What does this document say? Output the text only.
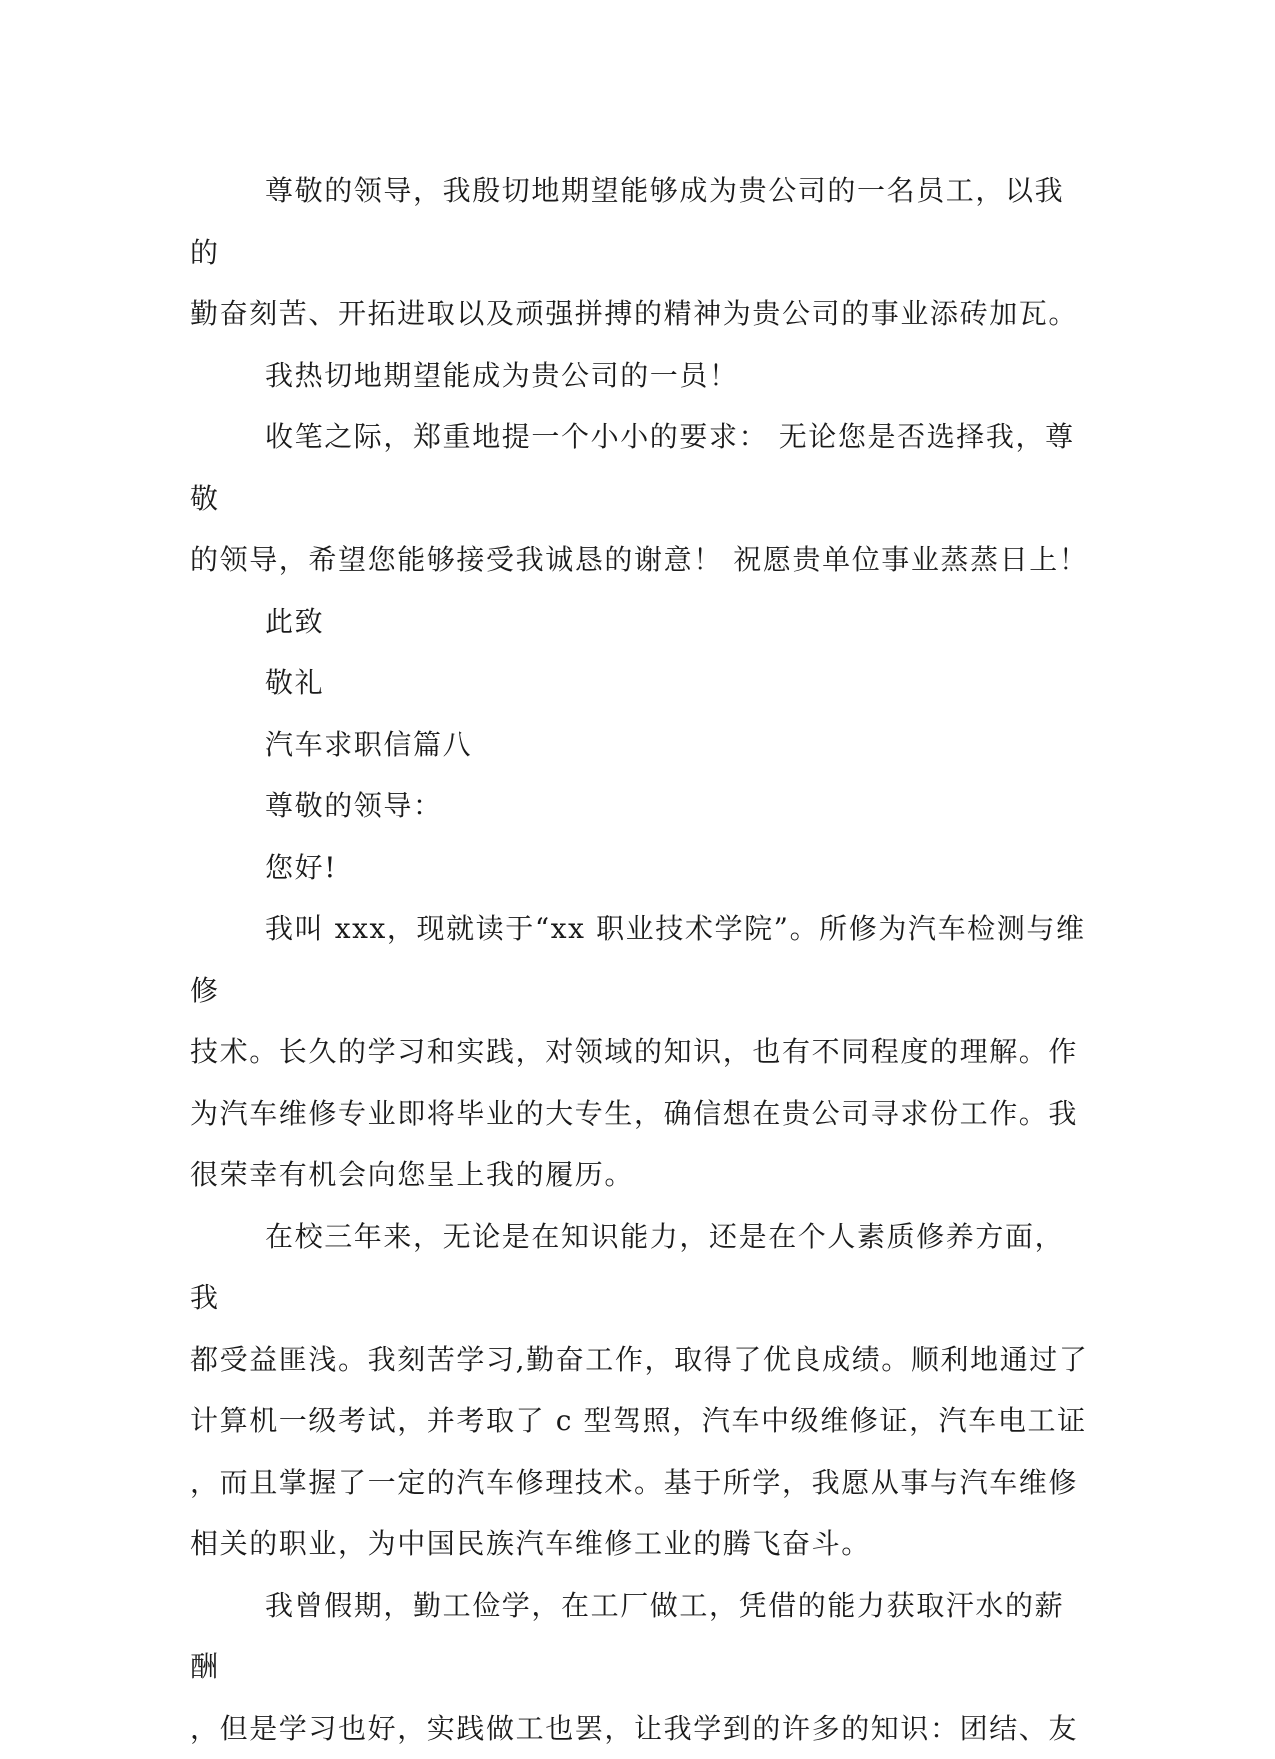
尊敬的领导，我殷切地期望能够成为贵公司的一名员工，以我的
勤奋刻苦、开拓进取以及顽强拼搏的精神为贵公司的事业添砖加瓦。

我热切地期望能成为贵公司的一员！

收笔之际，郑重地提一个小小的要求： 无论您是否选择我，尊敬
的领导，希望您能够接受我诚恳的谢意！ 祝愿贵单位事业蒸蒸日上！

此致

敬礼

汽车求职信篇八

尊敬的领导：

您好!

我叫 xxx，现就读于“xx 职业技术学院”。所修为汽车检测与维修
技术。长久的学习和实践，对领域的知识，也有不同程度的理解。作
为汽车维修专业即将毕业的大专生，确信想在贵公司寻求份工作。我
很荣幸有机会向您呈上我的履历。

在校三年来，无论是在知识能力，还是在个人素质修养方面，我
都受益匪浅。我刻苦学习,勤奋工作，取得了优良成绩。顺利地通过了
计算机一级考试，并考取了 c 型驾照，汽车中级维修证，汽车电工证
，而且掌握了一定的汽车修理技术。基于所学，我愿从事与汽车维修
相关的职业，为中国民族汽车维修工业的腾飞奋斗。

我曾假期，勤工俭学，在工厂做工，凭借的能力获取汗水的薪酬
，但是学习也好，实践做工也罢，让我学到的许多的知识：团结、友
